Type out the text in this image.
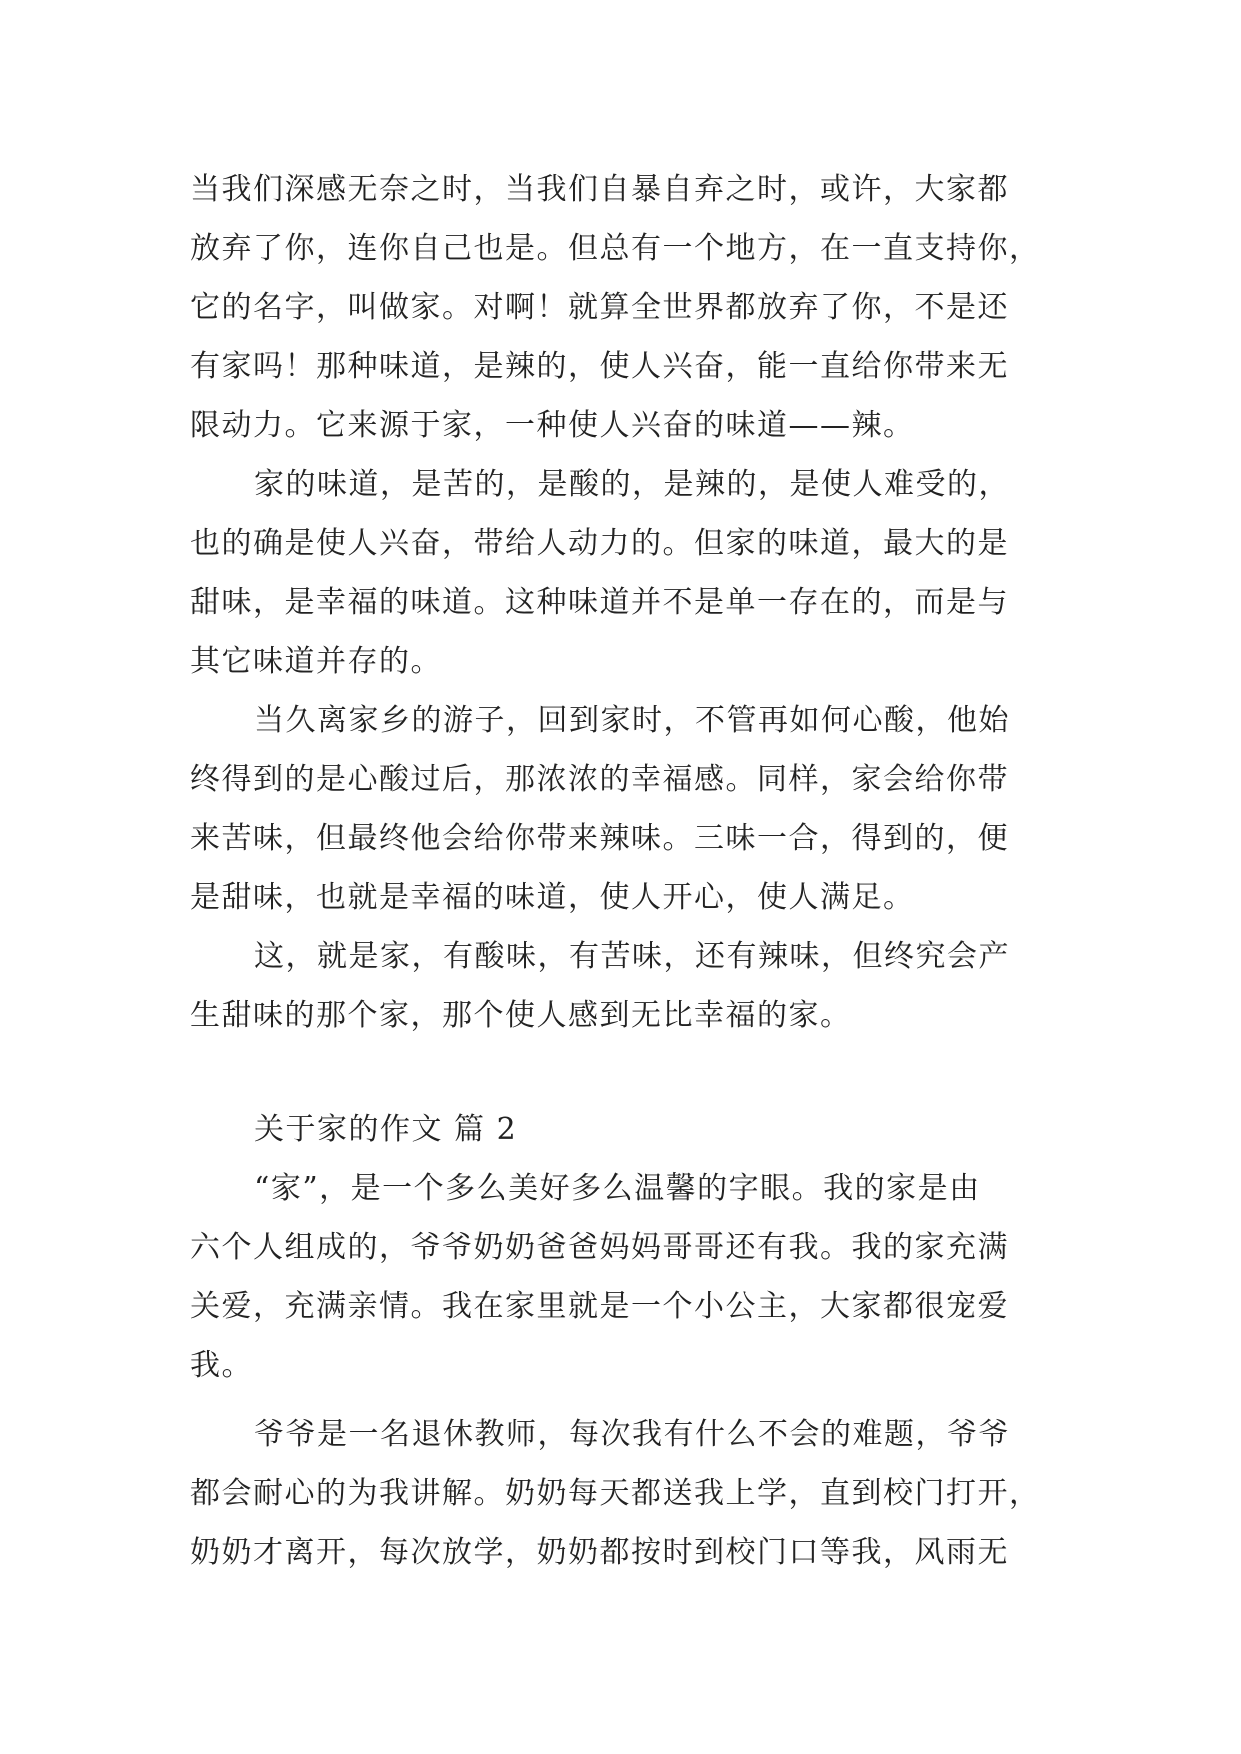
当我们深感无奈之时，当我们自暴自弃之时，或许，大家都
放弃了你，连你自己也是。但总有一个地方，在一直支持你，
它的名字，叫做家。对啊！就算全世界都放弃了你，不是还
有家吗！那种味道，是辣的，使人兴奋，能一直给你带来无
限动力。它来源于家，一种使人兴奋的味道——辣。
家的味道，是苦的，是酸的，是辣的，是使人难受的，
也的确是使人兴奋，带给人动力的。但家的味道，最大的是
甜味，是幸福的味道。这种味道并不是单一存在的，而是与
其它味道并存的。
当久离家乡的游子，回到家时，不管再如何心酸，他始
终得到的是心酸过后，那浓浓的幸福感。同样，家会给你带
来苦味，但最终他会给你带来辣味。三味一合，得到的，便
是甜味，也就是幸福的味道，使人开心，使人满足。
这，就是家，有酸味，有苦味，还有辣味，但终究会产
生甜味的那个家，那个使人感到无比幸福的家。
关于家的作文 篇 2
“家”，是一个多么美好多么温馨的字眼。我的家是由
六个人组成的，爷爷奶奶爸爸妈妈哥哥还有我。我的家充满
关爱，充满亲情。我在家里就是一个小公主，大家都很宠爱
我。
爷爷是一名退休教师，每次我有什么不会的难题，爷爷
都会耐心的为我讲解。奶奶每天都送我上学，直到校门打开，
奶奶才离开，每次放学，奶奶都按时到校门口等我，风雨无
